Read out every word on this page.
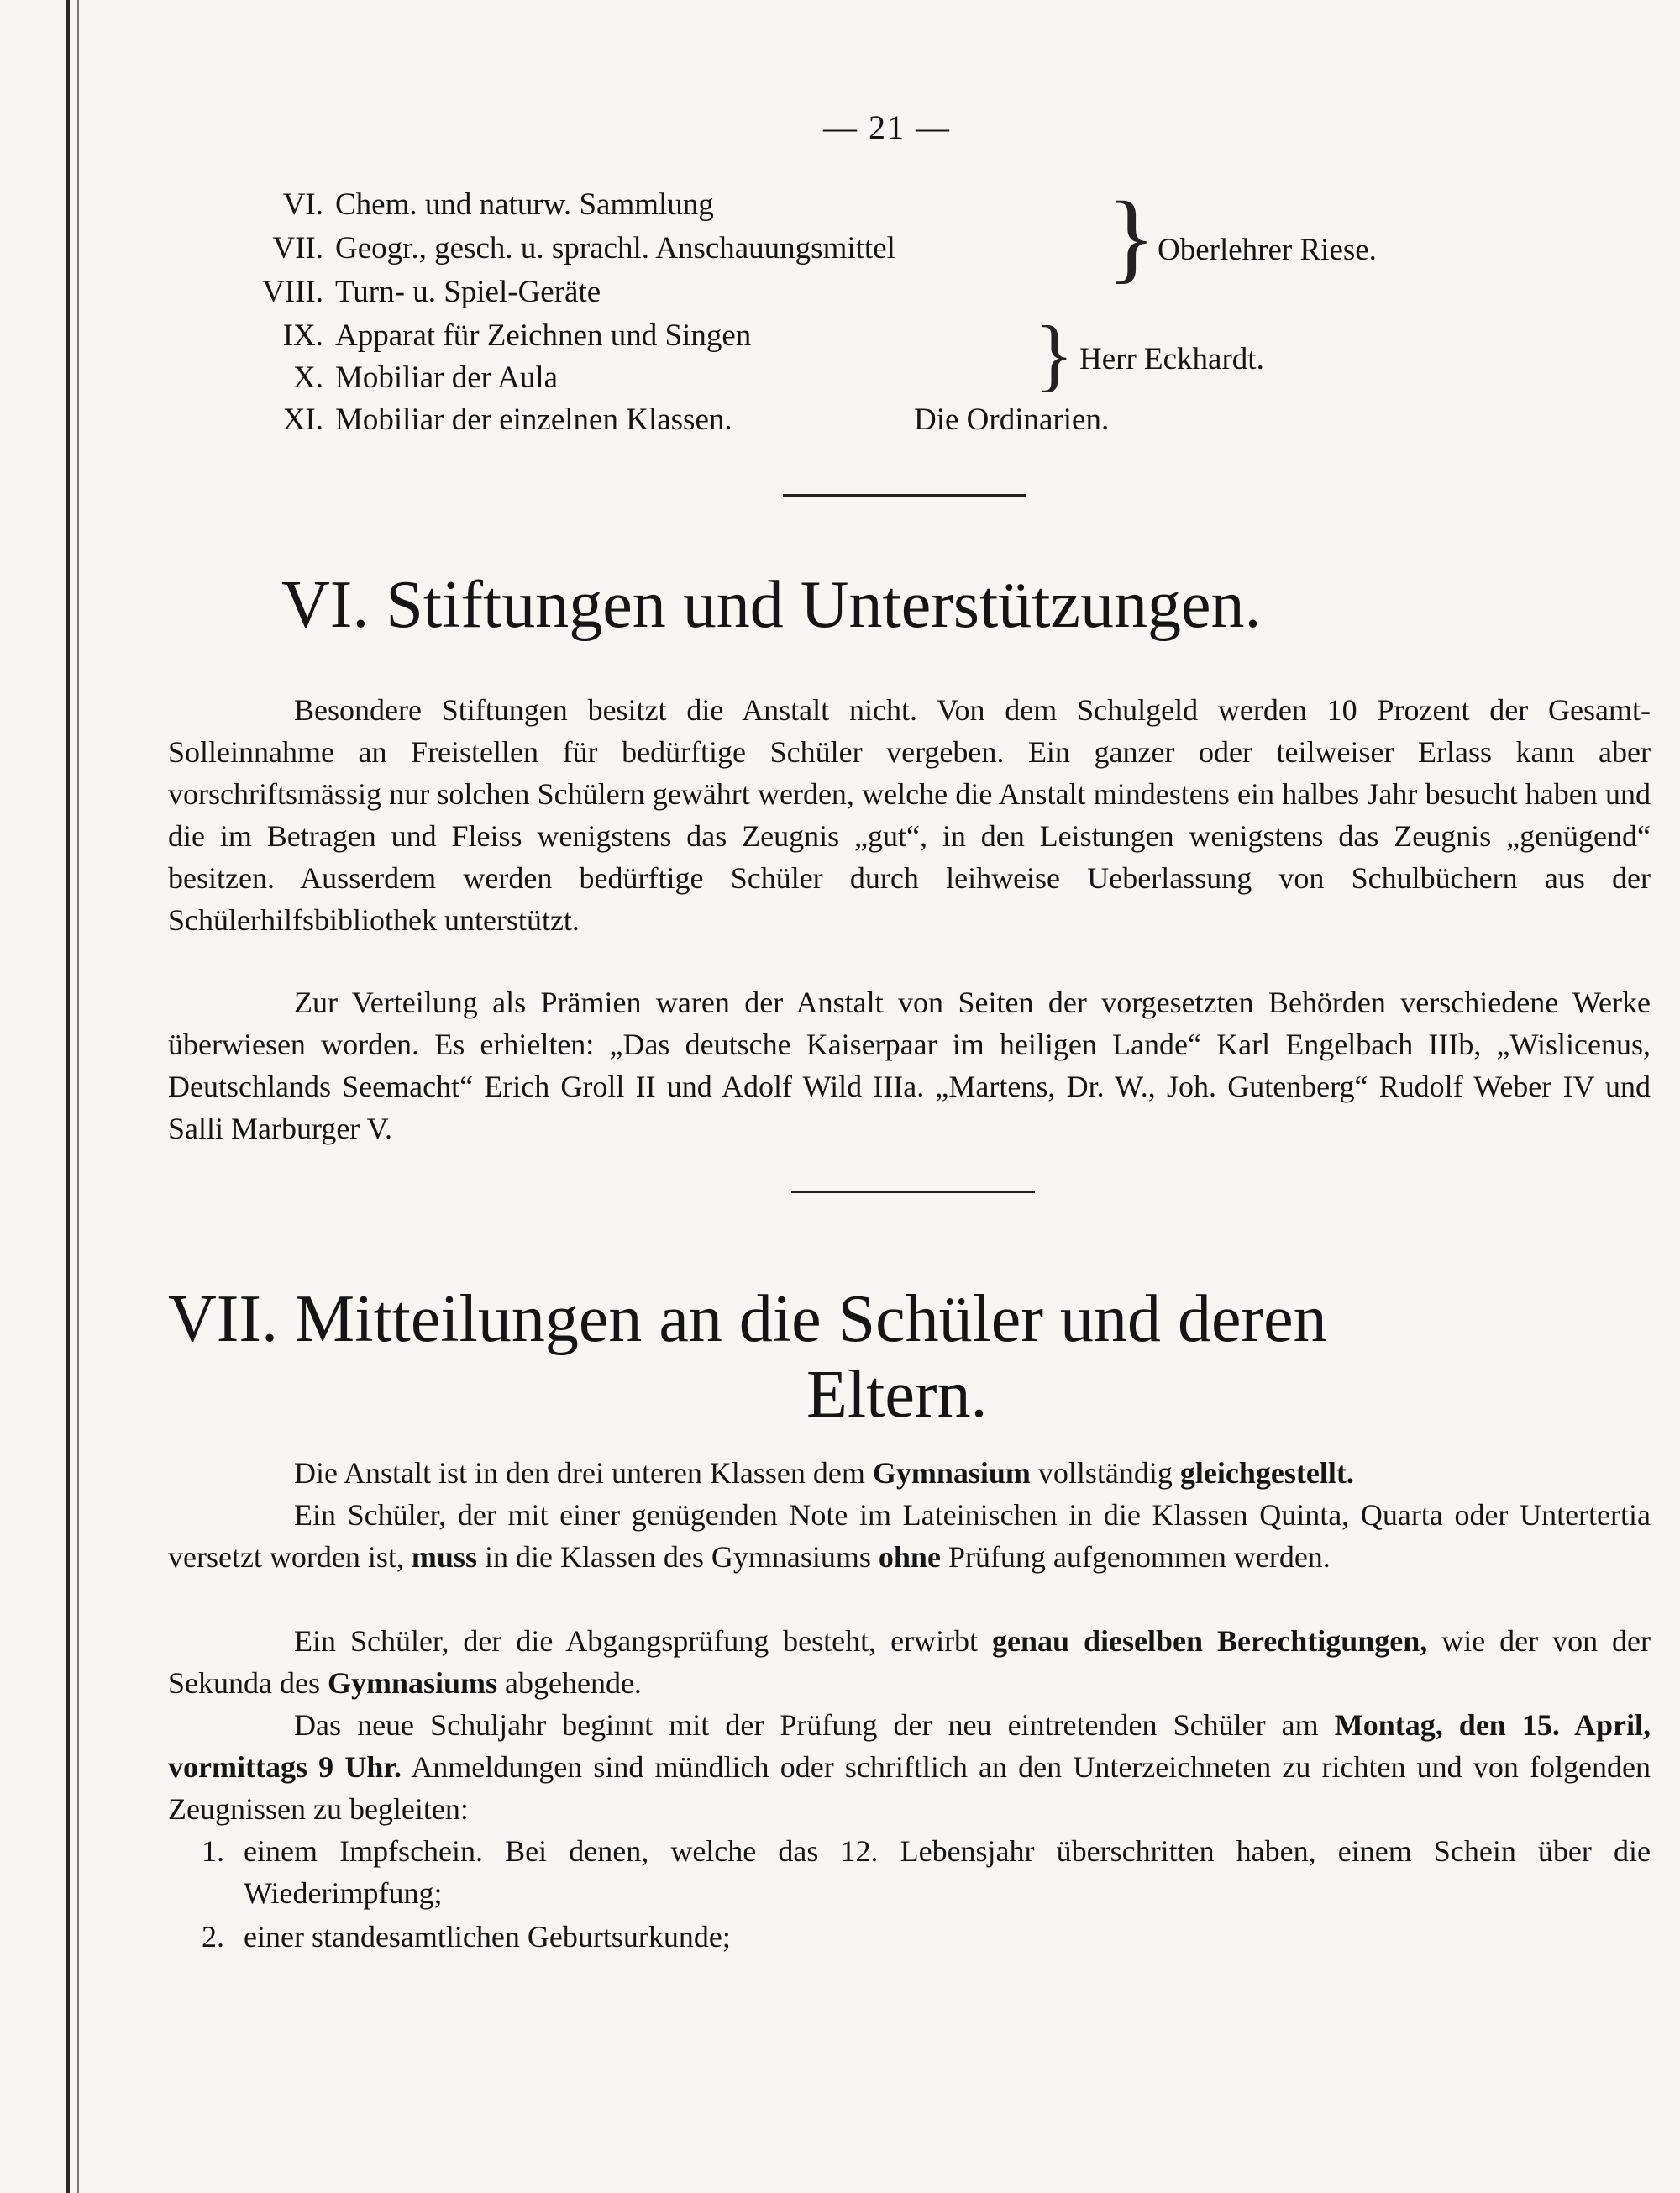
— 21 —
VI. Chem. und naturw. Sammlung
VII. Geogr., gesch. u. sprachl. Anschauungsmittel
VIII. Turn- u. Spiel-Geräte
IX. Apparat für Zeichnen und Singen
X. Mobiliar der Aula
XI. Mobiliar der einzelnen Klassen.
} Oberlehrer Riese.
} Herr Eckhardt.
Die Ordinarien.
VI. Stiftungen und Unterstützungen.

Besondere Stiftungen besitzt die Anstalt nicht. Von dem Schulgeld werden 10 Prozent der Gesamt-Solleinnahme an Freistellen für bedürftige Schüler vergeben. Ein ganzer oder teilweiser Erlass kann aber vorschriftsmässig nur solchen Schülern gewährt werden, welche die Anstalt mindestens ein halbes Jahr besucht haben und die im Betragen und Fleiss wenigstens das Zeugnis „gut“, in den Leistungen wenigstens das Zeugnis „genügend“ besitzen. Ausserdem werden bedürftige Schüler durch leihweise Ueberlassung von Schulbüchern aus der Schülerhilfsbibliothek unterstützt.

Zur Verteilung als Prämien waren der Anstalt von Seiten der vorgesetzten Behörden verschiedene Werke überwiesen worden. Es erhielten: „Das deutsche Kaiserpaar im heiligen Lande“ Karl Engelbach IIIb, „Wislicenus, Deutschlands Seemacht“ Erich Groll II und Adolf Wild IIIa. „Martens, Dr. W., Joh. Gutenberg“ Rudolf Weber IV und Salli Marburger V.

VII. Mitteilungen an die Schüler und deren
Eltern.

Die Anstalt ist in den drei unteren Klassen dem Gymnasium vollständig gleichgestellt.

Ein Schüler, der mit einer genügenden Note im Lateinischen in die Klassen Quinta, Quarta oder Untertertia versetzt worden ist, muss in die Klassen des Gymnasiums ohne Prüfung aufgenommen werden.

Ein Schüler, der die Abgangsprüfung besteht, erwirbt genau dieselben Berechtigungen, wie der von der Sekunda des Gymnasiums abgehende.

Das neue Schuljahr beginnt mit der Prüfung der neu eintretenden Schüler am Montag, den 15. April, vormittags 9 Uhr. Anmeldungen sind mündlich oder schriftlich an den Unterzeichneten zu richten und von folgenden Zeugnissen zu begleiten:

1. einem Impfschein. Bei denen, welche das 12. Lebensjahr überschritten haben, einem Schein über die Wiederimpfung;
2. einer standesamtlichen Geburtsurkunde;
